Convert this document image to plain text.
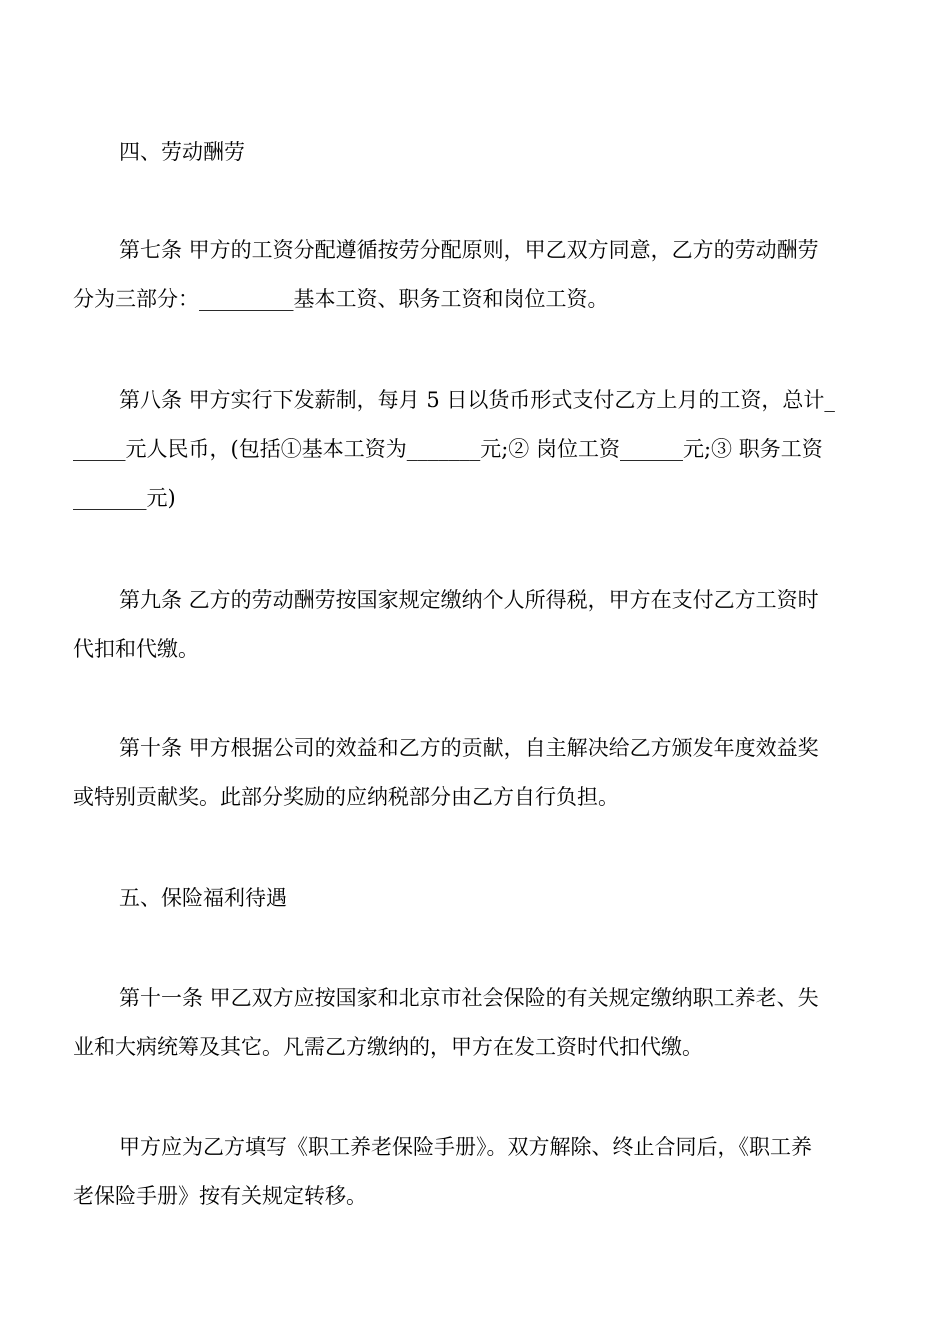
四、劳动酬劳
第七条 甲方的工资分配遵循按劳分配原则，甲乙双方同意，乙方的劳动酬劳
分为三部分：_________基本工资、职务工资和岗位工资。
第八条 甲方实行下发薪制，每月 5 日以货币形式支付乙方上月的工资，总计_
_____元人民币，(包括①基本工资为_______元;② 岗位工资______元;③ 职务工资
_______元)
第九条 乙方的劳动酬劳按国家规定缴纳个人所得税，甲方在支付乙方工资时
代扣和代缴。
第十条 甲方根据公司的效益和乙方的贡献，自主解决给乙方颁发年度效益奖
或特别贡献奖。此部分奖励的应纳税部分由乙方自行负担。
五、保险福利待遇
第十一条 甲乙双方应按国家和北京市社会保险的有关规定缴纳职工养老、失
业和大病统筹及其它。凡需乙方缴纳的，甲方在发工资时代扣代缴。
甲方应为乙方填写《职工养老保险手册》。双方解除、终止合同后，《职工养
老保险手册》按有关规定转移。
